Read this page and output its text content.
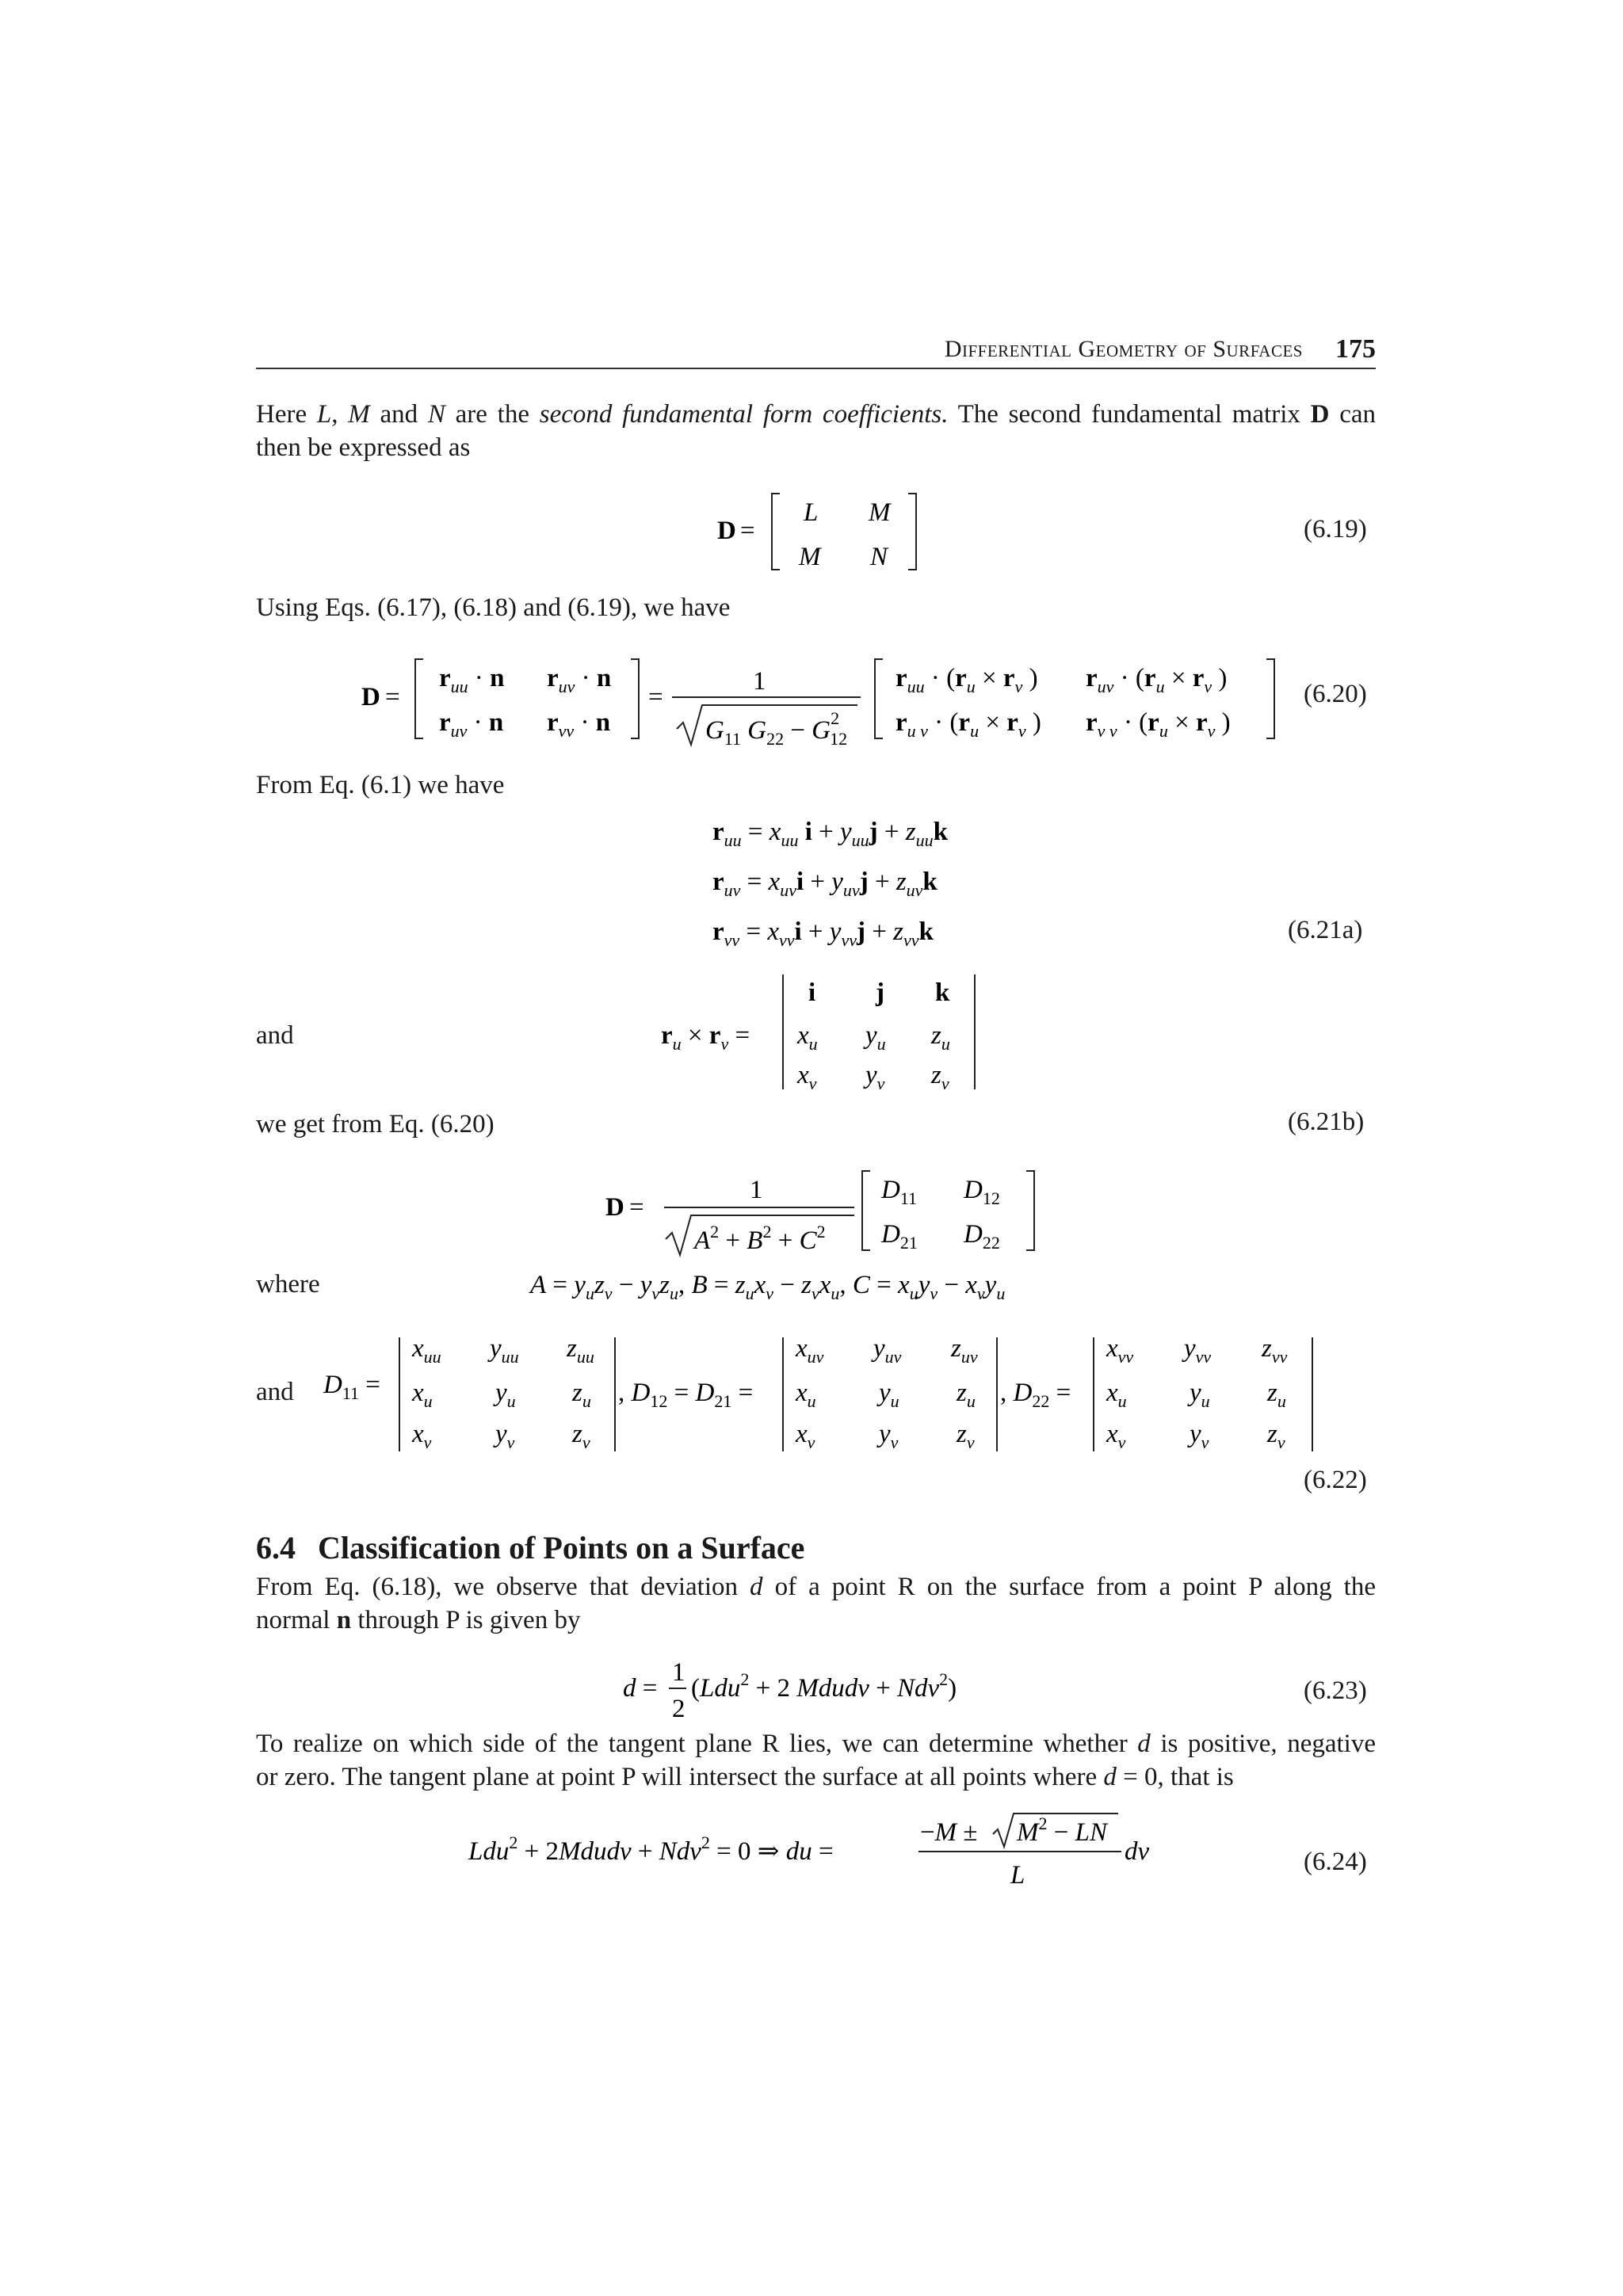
Differential Geometry of Surfaces 175
Here L, M and N are the second fundamental form coefficients. The second fundamental matrix D can
then be expressed as
D =
L M
M N
(6.19)
Using Eqs. (6.17), (6.18) and (6.19), we have
D =
$r_{uu} \cdot n$ $r_{uv} \cdot n$
$r_{uv} \cdot n$ $r_{vv} \cdot n$
=
1
$G_{11}$ $G_{22} - G^2$ 12
$r_{uu} \cdot (r_u \times r_v$ ) $r_{uv} \cdot (r_u \times r_v$ )
$r_{u v} \cdot (r_u \times r_v$ ) $r_{v v} \cdot (r_u \times r_v$ )
(6.20)
From Eq. (6.1) we have
$r_{uu} = x_{uu}$ $i + y_{uu}j + z_{uu}k$
$r_{uv} = x_{uv}i + y_{uv}j + z_{uv}k$
$r_{vv} = x_{vv}i + y_{vv}j + z_{vv}k$	(6.21a)
and	$r_u \times r_v$ =
i j k
$x_u$ $y_u$ $z_u$
$x_v$ $y_v$ $z_v$
we get from Eq. (6.20)	(6.21b)
D =
1
$A^2 + B^2 + C^2$
$D_{11}$ $D_{12}$
$D_{21}$ $D_{22}$
where	$A = y_uz_v - y_vz_u$, $B = z_ux_v - z_vx_u$, $C = x_uy_v - x_vy_u$
and $D_{11}$ =
$x_{uu}$ $y_{uu}$ $z_{uu}$
$x_u$ $y_u$ $z_u$
$x_v$ $y_v$ $z_v$
, $D_{12} = D_{21}$ =
$x_{uv}$ $y_{uv}$ $z_{uv}$
$x_u$ $y_u$ $z_u$
$x_v$ $y_v$ $z_v$
, $D_{22}$ =
$x_{vv}$ $y_{vv}$ $z_{vv}$
$x_u$ $y_u$ $z_u$
$x_v$ $y_v$ $z_v$
(6.22)
6.4 Classification of Points on a Surface
From Eq. (6.18), we observe that deviation d of a point R on the surface from a point P along the
normal n through P is given by
d =
1
2
(Ldu$^2$ + 2 Mdudv + Ndv$^2$)	(6.23)
To realize on which side of the tangent plane R lies, we can determine whether d is positive, negative
or zero. The tangent plane at point P will intersect the surface at all points where d = 0, that is
Ldu$^2$ + 2Mdudv + Ndv$^2$ = 0 ⇒ du =
$-M \pm M^2$ − LN
L
dv	(6.24)
